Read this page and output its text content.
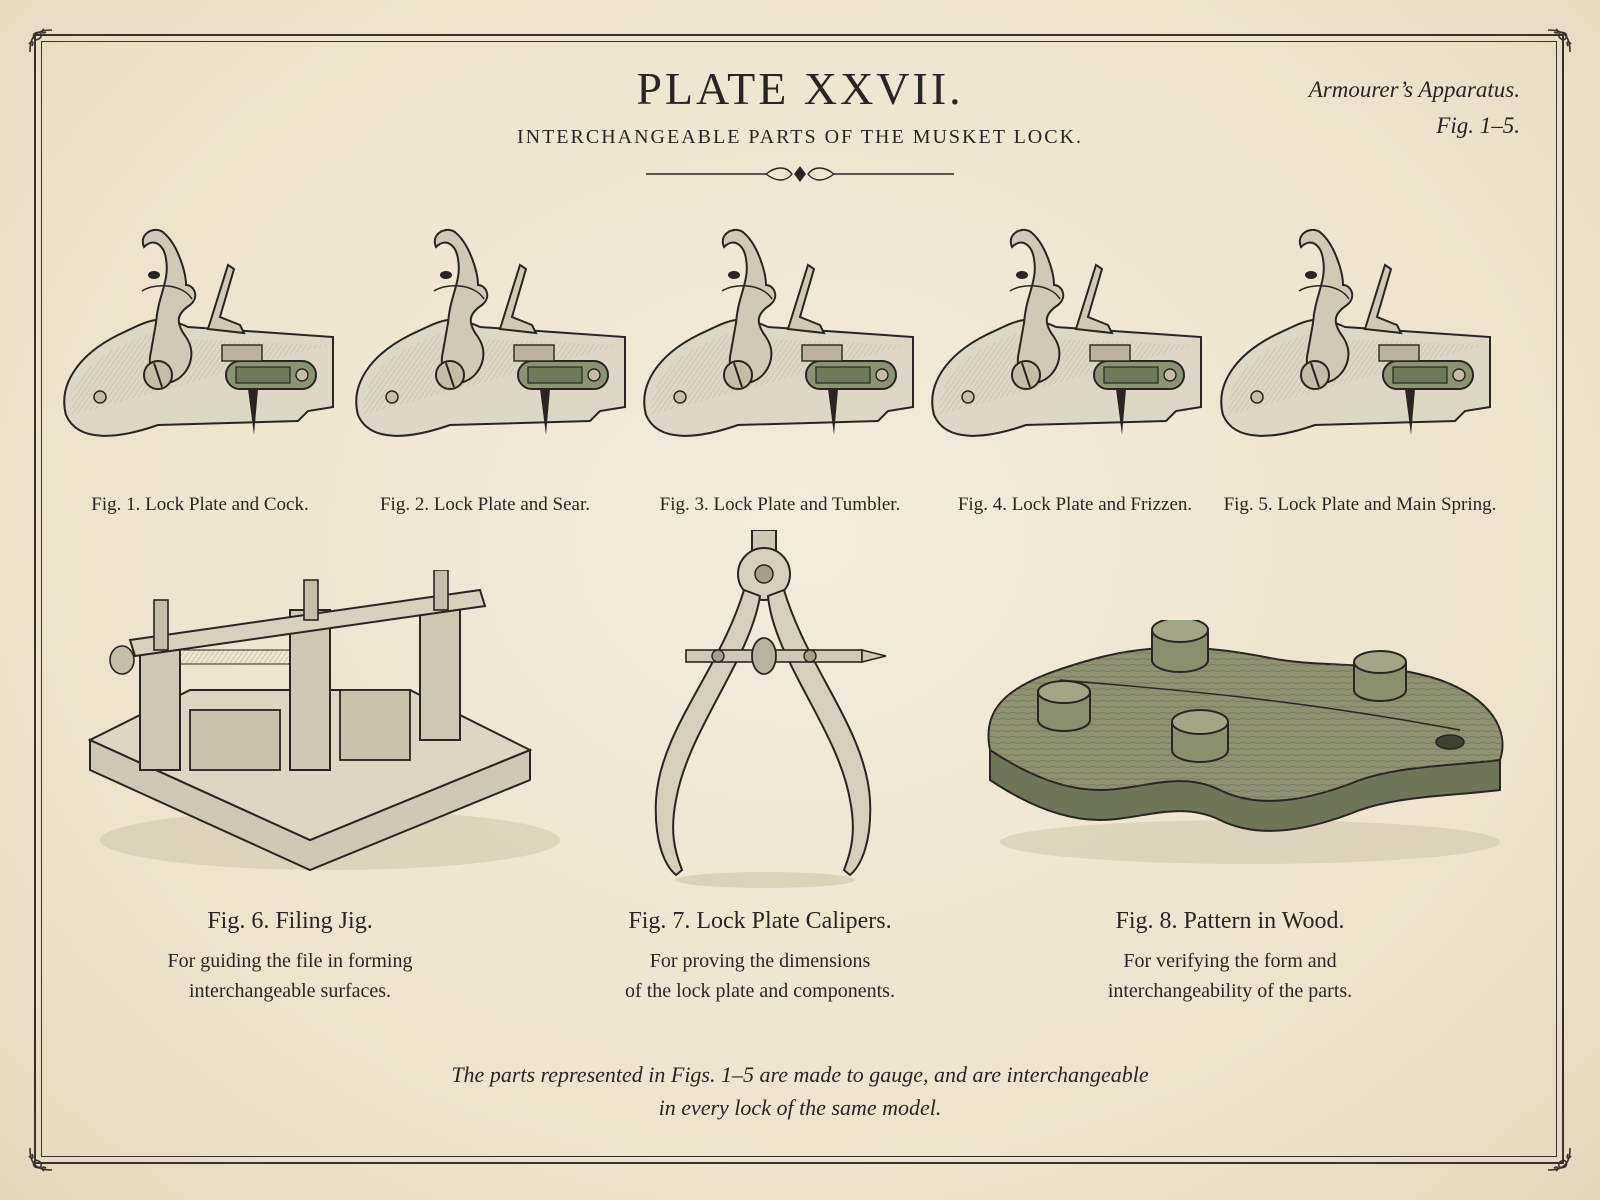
PLATE XXVII.
INTERCHANGEABLE PARTS OF THE MUSKET LOCK.
Armourer’s Apparatus.
Fig. 1–5.
Fig. 1. Lock Plate and Cock.	Fig. 2. Lock Plate and Sear.	Fig. 3. Lock Plate and Tumbler.	Fig. 4. Lock Plate and Frizzen.	Fig. 5. Lock Plate and Main Spring.
Fig. 6. Filing Jig.
For guiding the file in forming
interchangeable surfaces.
Fig. 7. Lock Plate Calipers.
For proving the dimensions
of the lock plate and components.
Fig. 8. Pattern in Wood.
For verifying the form and
interchangeability of the parts.
The parts represented in Figs. 1–5 are made to gauge, and are interchangeable
in every lock of the same model.
